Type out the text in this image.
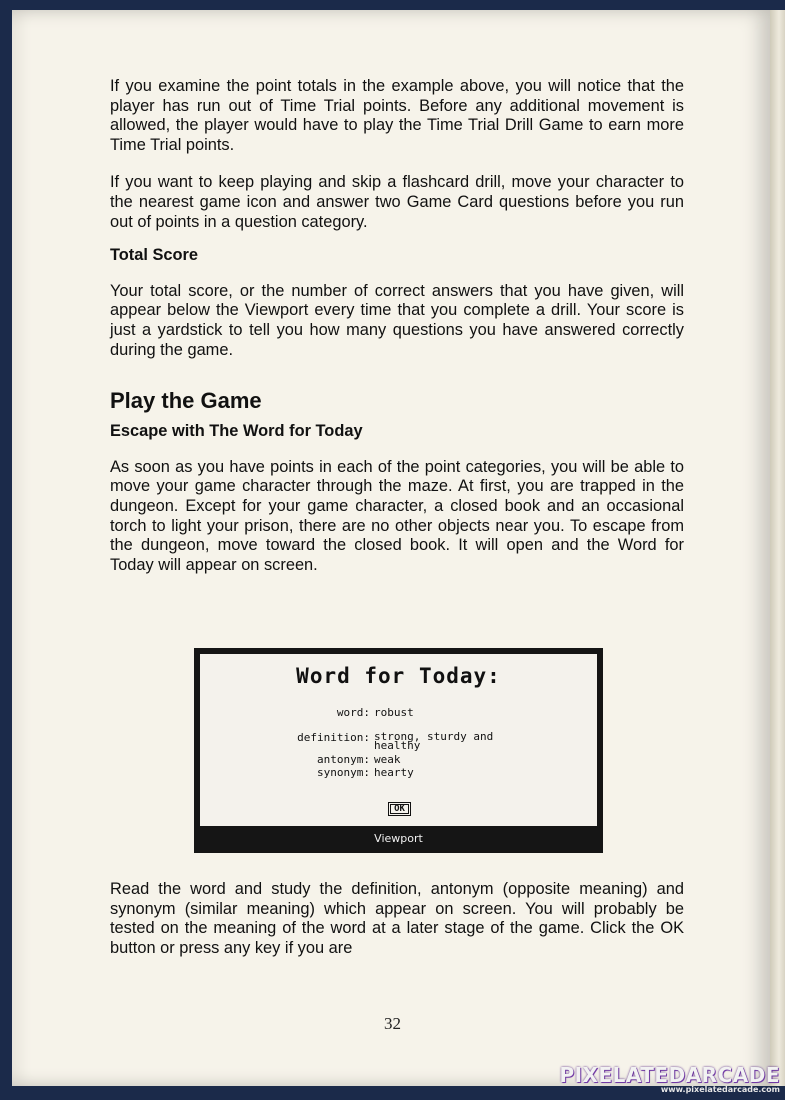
If you examine the point totals in the example above, you will notice that the player has run out of Time Trial points. Before any additional movement is allowed, the player would have to play the Time Trial Drill Game to earn more Time Trial points.

If you want to keep playing and skip a flashcard drill, move your character to the nearest game icon and answer two Game Card questions before you run out of points in a question category.

Total Score

Your total score, or the number of correct answers that you have given, will appear below the Viewport every time that you complete a drill. Your score is just a yardstick to tell you how many questions you have answered correctly during the game.

Play the Game

Escape with The Word for Today

As soon as you have points in each of the point categories, you will be able to move your game character through the maze. At first, you are trapped in the dungeon. Except for your game character, a closed book and an occasional torch to light your prison, there are no other objects near you. To escape from the dungeon, move toward the closed book. It will open and the Word for Today will appear on screen.

Word for Today:
word: robust
definition: strong, sturdy and healthy
antonym: weak
synonym: hearty
OK
Viewport

Read the word and study the definition, antonym (opposite meaning) and synonym (similar meaning) which appear on screen. You will probably be tested on the meaning of the word at a later stage of the game. Click the OK button or press any key if you are

32
PIXELATEDARCADE
www.pixelatedarcade.com
